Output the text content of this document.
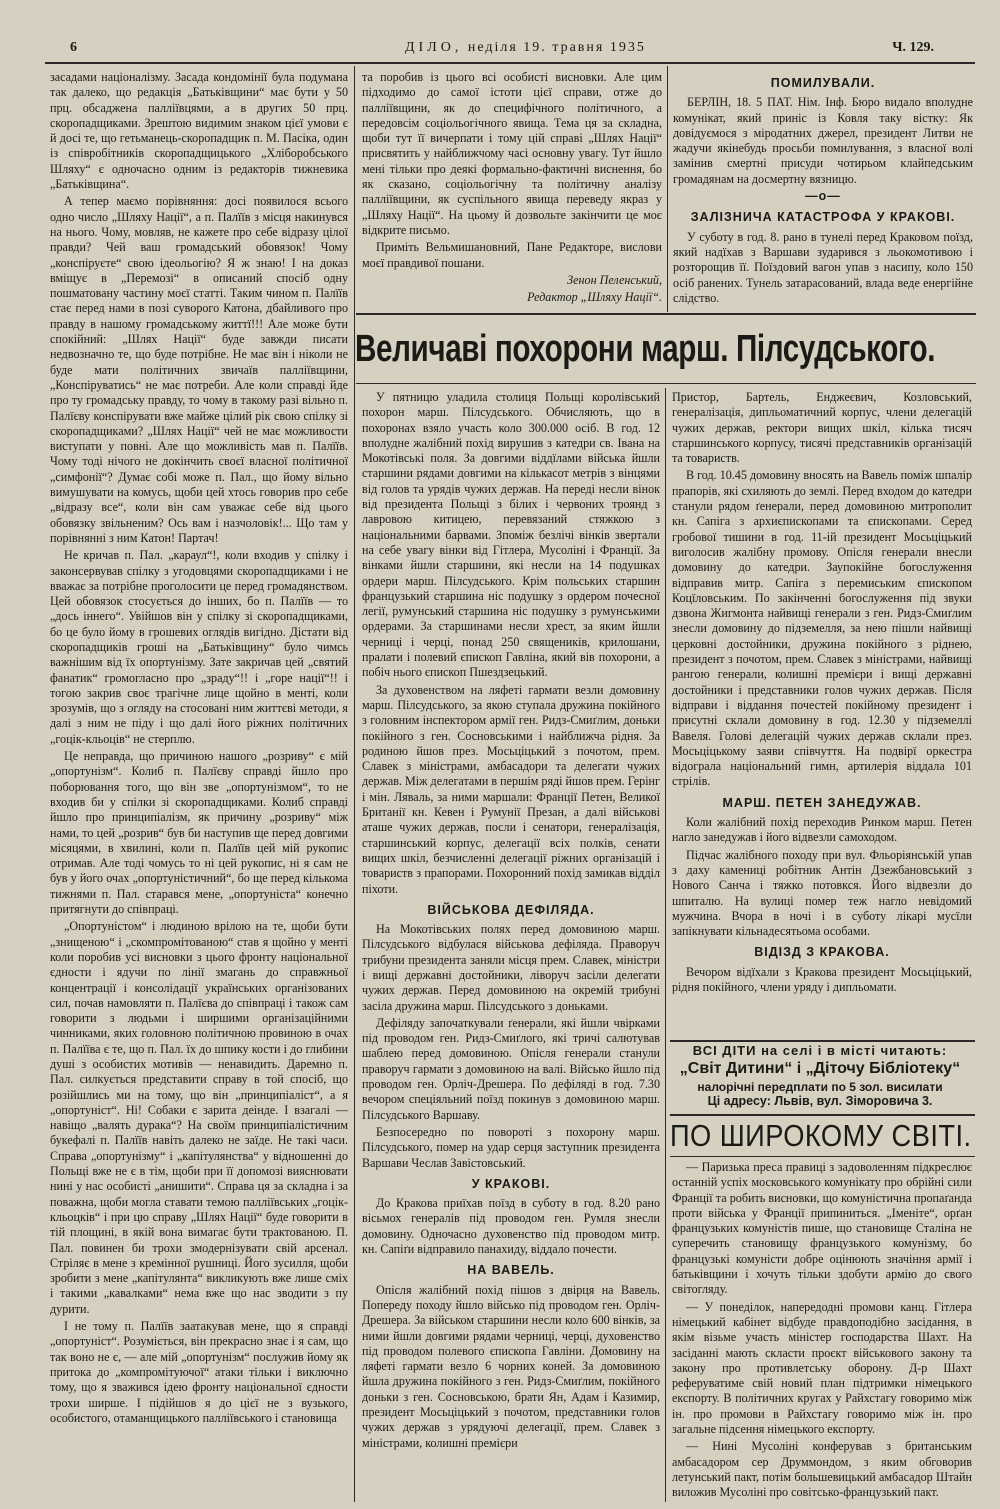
6	ДІЛО, неділя 19. травня 1935	Ч. 129.

засадами націоналізму. Засада кондомінії була подумана так далеко, що редакція „Батьківщини“ має бути у 50 прц. обсаджена палліївцями, а в других 50 прц. скоропадщиками. Зрештою видимим знаком цієї умови є й досі те, що гетьманець-скоропадщик п. М. Пасіка, один із співробітників скоропадщицького „Хліборобського Шляху“ є одночасно одним із редакторів тижневика „Батьківщина“.

А тепер маємо порівняння: досі появилося всього одно число „Шляху Нації“, а п. Палїїв з місця накинувся на нього. Чому, мовляв, не кажете про себе відразу цілої правди? Чей ваш громадський обовязок! Чому „конспіруєте“ свою ідеольогію? Я ж знаю! І на доказ вміщує в „Перемозі“ в описаний спосіб одну пошматовану частину моєї статті. Таким чином п. Палїїв стає перед нами в позі суворого Катона, дбайливого про правду в нашому громадському життї!!! Але може бути спокійний: „Шлях Нації“ буде завжди писати недвозначно те, що буде потрібне. Не має він і ніколи не буде мати політичних звичаїв палліївщини, „Конспіруватись“ не має потреби. Але коли справді йде про ту громадську правду, то чому в такому разі вільно п. Палїєву конспірувати вже майже цілий рік свою спілку зі скоропадщиками? „Шлях Нації“ чей не має можливости виступати у повні. Але що можливість мав п. Палїїв. Чому тоді нічого не докінчить своєї власної політичної „симфонії“? Думає собі може п. Пал., що йому вільно вимушувати на комусь, щоби цей хтось говорив про себе „відразу все“, коли він сам уважає себе від цього обовязку звільненим? Ось вам і назчоловік!... Що там у порівнянні з ним Катон! Партач!

Не кричав п. Пал. „караул“!, коли входив у спілку і законсервував спілку з угодовцями скоропадщиками і не вважає за потрібне проголосити це перед громадянством. Цей обовязок стосується до інших, бо п. Палїїв — то „дось іннего“. Увійшов він у спілку зі скоропадщиками, бо це було йому в грошевих оглядів вигідно. Дістати від скоропадщиків гроші на „Батьківщину“ було чимсь важнішим від їх опортунізму. Зате закричав цей „святий фанатик“ громогласно про „зраду“!! і „горе нації“!! і тогою закрив своє трагічне лице щойно в менті, коли зрозумів, що з огляду на стосовані ним життєві методи, я далі з ним не піду і що далі його ріжних політичних „гоцік-кльоців“ не стерплю.

Це неправда, що причиною нашого „розриву“ є мій „опортунізм“. Колиб п. Палїєву справді йшло про поборювання того, що він звe „опортунізмом“, то не входив би у спілки зі скоропадщиками. Колиб справді йшло про принципіалізм, як причину „розриву“ між нами, то цей „розрив“ був би наступив ще перед довгими місяцями, в хвилині, коли п. Палїїв цей мій рукопис отримав. Але тоді чомусь то ні цей рукопис, ні я сам не був у його очах „опортуністичний“, бо ще перед кількома тижнями п. Пал. старався мене, „опортуніста“ конечно притягнути до співпраці.

„Опортуністом“ і людиною врілою на те, щоби бути „знищеною“ і „скомпромітованою“ став я щойно у менті коли поробив усі висновки з цього фронту національної єдности і ядучи по лінії змагань до справжньої концентрації і консолідації українських організованих сил, почав намовляти п. Палїєва до співпраці і також сам говорити з людьми і ширшими організаційними чинниками, яких головною політичною провиною в очах п. Палїїва є те, що п. Пал. їх до шпику кости і до глибини душі з особистих мотивів — ненавидить. Даремно п. Пал. силкується представити справу в той спосіб, що розійшлись ми на тому, що він „принципіаліст“, а я „опортуніст“. Ні! Собаки є зарита деінде. І взагалі — навіщо „валять дурака“? На своїм принципіалістичним букефалі п. Палїїв навіть далеко не заїде. Не такі часи. Справа „опортунізму“ і „капітулянства“ у відношенні до Польщі вже не є в тім, щоби при її допомозі вияснювати нині у нас особисті „анишити“. Справа ця за складна і за поважна, щоби могла ставати темою палліївських „гоцік-кльоцків“ і при цю справу „Шлях Нації“ буде говорити в тій площині, в якій вона вимагає бути трактованою. П. Пал. повинен би трохи змодернізувати свій арсенал. Стріляє в мене з кремінної рушниці. Його зусилля, щоби зробити з мене „капітулянта“ викликують вже лише сміх і такими „кавалками“ нема вже що нас зводити з пу дурити.

І не тому п. Палїїв заатакував мене, що я справді „опортуніст“. Розуміється, він прекрасно знає і я сам, що так воно не є, — але мій „опортунізм“ послужив йому як притока до „компромітуючої“ атаки тільки і виключно тому, що я зважився ідею фронту національної єдности трохи ширше. І пiдійшов я до цієї не з вузького, особистого, отаманщицького палліївського і становища

та поробив із цього всі особисті висновки. Але цим підходимо до самої істоти цієї справи, отже до палліївщини, як до специфічного політичного, а передовсім соціольогічного явища. Тема ця зa складна, щоби тут її вичерпати і тому цій справі „Шлях Нації“ присвятить у найближчому часі основну увагу. Тут йшло мені тільки про деякі формально-фактичні виснення, бо як сказано, соціольогічну та політичну аналізу палліївщини, як суспільного явища переведу якраз у „Шляху Нації“. На цьому й дозвольте закінчити це моє відкрите письмо.

Приміть Вельмишановний, Пане Редакторе, вислови моєї правдивої пошани.

Зенон Пеленський,

Редактор „Шляху Нації“.

ПОМИЛУВАЛИ.

БЕРЛІН, 18. 5 ПАТ. Нім. Інф. Бюро видало вполудне комунікат, який приніс із Ковля таку вістку: Як довідуємося з міродатних джерел, президент Литви не жадучи якінебудь просьби помилування, з власної волі замінив смертні присуди чотирьом клайпедським громадянам на досмертну вязницю.

—о—

ЗАЛІЗНИЧА КАТАСТРОФА У КРАКОВІ.

У суботу в год. 8. рано в тунелі перед Краковом поїзд, який надїхав з Варшави зударився з льокомотивою і розторощив її. Поїздовий вагон упав з насипу, коло 150 осіб ранених. Тунель затарасований, влада веде енергійне слідство.

Величаві похорони марш. Пілсудського.

У пятницю уладила столиця Польщі королівський похорон марш. Пілсудського. Обчисляють, що в похоронах взяло участь коло 300.000 осіб. В год. 12 вполудне жалібний похід вирушив з катедри св. Івана на Мокотівські поля. За довгими віддїлами війська йшли старшини рядами довгими на кількасот метрів з вінцями від голов та урядів чужих держав. На переді несли вінок від президента Польщі з білих і червоних троянд з лавровою китицею, перевязаний стяжкою з національними барвами. Зпоміж безлічі вінків звертали на себе увагу вінки від Гітлера, Мусоліні і Франції. За вінками йшли старшини, які несли на 14 подушках ордери марш. Пілсудського. Крім польських старшин французький старшина ніс подушку з ордером почесної легії, румунський старшина ніс подушку з румунськими ордерами. За старшинами несли хрест, за яким йшли черниці і черці, понад 250 священиків, крилошани, пралати і полевий єпископ Гавліна, який вів похорони, а побіч нього єпископ Пшездзецький.

За духовенством на ляфеті гармати везли домовину марш. Пілсудського, за якою ступала дружина покійного з головним інспектором армії ген. Ридз-Смиґлим, доньки покійного з ген. Сосновськими і найближча рідня. За родиною йшов през. Мосьціцький з почотом, прем. Славек з міністрами, амбасадори та делегати чужих держав. Між делегатами в першім ряді йшов прем. Герінг і мін. Ляваль, за ними маршали: Франції Петен, Великої Британії кн. Кевен і Румунії Презан, а далі військові аташе чужих держав, посли і сенатори, генералізація, старшинський корпус, делегації всіх полків, сенати вищих шкіл, безчисленні делегації ріжних організацій і товариств з прапорами. Похоронний похід замикав відділ піхоти.

ВІЙСЬКОВА ДЕФІЛЯДА.

На Мокотівських полях перед домовиною марш. Пілсудського відбулася військова дефіляда. Праворуч трибуни президента заняли місця прем. Славек, міністри і вищі державні достойники, ліворуч засіли делегати чужих держав. Перед домовиною на окремій трибуні засіла дружина марш. Пілсудського з доньками.

Дефіляду започаткували ґенерали, які йшли чвірками під проводом ген. Ридз-Смиґлого, які тричі салютував шаблею перед домовиною. Опісля генерали станули праворуч гармати з домовиною на валі. Військо йшло під проводом ген. Орліч-Дрешера. По дефіляді в год. 7.30 вечором спеціяльний поїзд покинув з домовиною марш. Пілсудського Варшаву.

Безпосередно по повороті з похорону марш. Пілсудського, помер на удар серця заступник президента Варшави Чеслав Завістовський.

У КРАКОВІ.

До Кракова приїхав поїзд в суботу в год. 8.20 рано вісьмох генералів під проводом ген. Румля знесли домовину. Одночасно духовенство під проводом митр. кн. Сапіґи відправило панахиду, віддало почести.

НА ВАВЕЛЬ.

Опісля жалібний похід пішов з двірця на Вавель. Попереду походу йшло військо під проводом ген. Орліч-Дрешера. За військом старшини несли коло 600 вінків, за ними йшли довгими рядами черниці, черці, духовенство під проводом полевого єпископа Гавліни. Домовину на ляфеті гармати везло 6 чорних коней. За домовиною йшла дружина покійного з ген. Ридз-Смиґлим, покійного доньки з ген. Сосновською, брати Ян, Адам і Казимир, президент Мосьціцький з почотом, представники голов чужих держав з урядуючі делегації, прем. Славек з міністрами, колишні премієри

Пристор, Бартель, Енджеєвич, Козловський, генералізація, дипльоматичний корпус, члени делегацій чужих держав, ректори вищих шкіл, кілька тисяч старшинського корпусу, тисячі представників організацій та товариств.

В год. 10.45 домовину вносять на Вавель поміж шпалір прапорів, які схиляють до землі. Перед входом до катедри станули рядом ґенерали, перед домовиною митрополит кн. Сапіга з архиєпископами та єпископами. Серед гробової тишини в год. 11-ій президент Мосьціцький виголосив жалібну промову. Опісля генерали внесли домовину до катедри. Заупокійне богослуження відправив митр. Сапіга з перемиським єпископом Коцїловським. По закінченні богослуження під звуки дзвона Жигмонта найвищі генерали з ген. Ридз-Смиґлим знесли домовину до підземелля, за нею пішли найвищі церковні достойники, дружина покійного з ріднею, президент з почотом, прем. Славек з міністрами, найвищі рангою генерали, колишні премієри і вищі державні достойники і представники голов чужих держав. Після відправи і віддання почестей покійному президент і присутні склали домовину в год. 12.30 у підземеллі Вавеля. Голові делегацій чужих держав склали през. Мосьціцькому заяви співчуття. На подвірї оркестра відограла національний гимн, артилерія віддала 101 стрілів.

МАРШ. ПЕТЕН ЗАНЕДУЖАВ.

Коли жалібний похід переходив Ринком марш. Петен нагло занедужав і його відвезли самоходом.

Підчас жалібного походу при вул. Фльоріянській упав з даху камениці робітник Антін Дзежбановський з Нового Санча і тяжко потовкся. Його відвезли до шпиталю. На вулиці помер теж нагло невідомий мужчина. Вчора в ночі і в суботу лікарі мусїли запікнувати кільнадесятьома особами.

ВІДІЗД З КРАКОВА.

Вечором відїхали з Кракова президент Мосьціцький, рідня покійного, члени уряду і дипльомати.

ВСІ ДІТИ на селі і в місті читають:
„Світ Дитини“ і „Діточу Бібліотеку“
налорічні передплати по 5 зол. висилати
Ці адресу: Львів, вул. Зіморовича 3.
ПО ШИРОКОМУ СВІТІ.

— Паризька преса правиці з задоволенням підкреслює останній успіх московського комунікату про обрійні сили Франції та робить висновки, що комуністична пропаґанда проти війська у Франції припиниться. „Іменіте“, орґан французьких комуністів пише, що становище Сталіна не суперечить становищу французького комунізму, бо французькі комуністи добре оцінюють значіння армії і батьківщини і хочуть тільки здобути армію до свого світогляду.

— У понеділок, напередодні промови канц. Гітлера німецький кабінет відбуде правдоподібно засідання, в якім візьме участь міністер господарства Шахт. На засіданні мають скласти проєкт військового закону та закону про противлетську оборону. Д-р Шахт реферуватиме свій новий план підтримки німецького експорту. В політичних кругах у Райхстагу говоримо між ін. про промови в Райхстагу говоримо між ін. про загальне підсення німецького експорту.

— Нині Мусоліні конферував з британським амбасадором сер Друммондом, з яким обговорив летунський пакт, потім большевицький амбасадор Штайн виложив Мусоліні про совітсько-французький пакт.
